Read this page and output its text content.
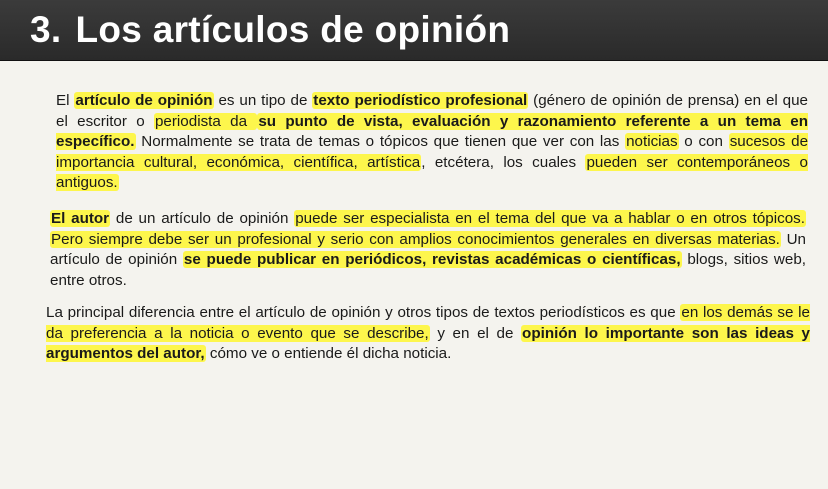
3. Los artículos de opinión
El artículo de opinión es un tipo de texto periodístico profesional (género de opinión de prensa) en el que el escritor o periodista da su punto de vista, evaluación y razonamiento referente a un tema en específico. Normalmente se trata de temas o tópicos que tienen que ver con las noticias o con sucesos de importancia cultural, económica, científica, artística, etcétera, los cuales pueden ser contemporáneos o antiguos.
El autor de un artículo de opinión puede ser especialista en el tema del que va a hablar o en otros tópicos. Pero siempre debe ser un profesional y serio con amplios conocimientos generales en diversas materias. Un artículo de opinión se puede publicar en periódicos, revistas académicas o científicas, blogs, sitios web, entre otros.
La principal diferencia entre el artículo de opinión y otros tipos de textos periodísticos es que en los demás se le da preferencia a la noticia o evento que se describe, y en el de opinión lo importante son las ideas y argumentos del autor, cómo ve o entiende él dicha noticia.
